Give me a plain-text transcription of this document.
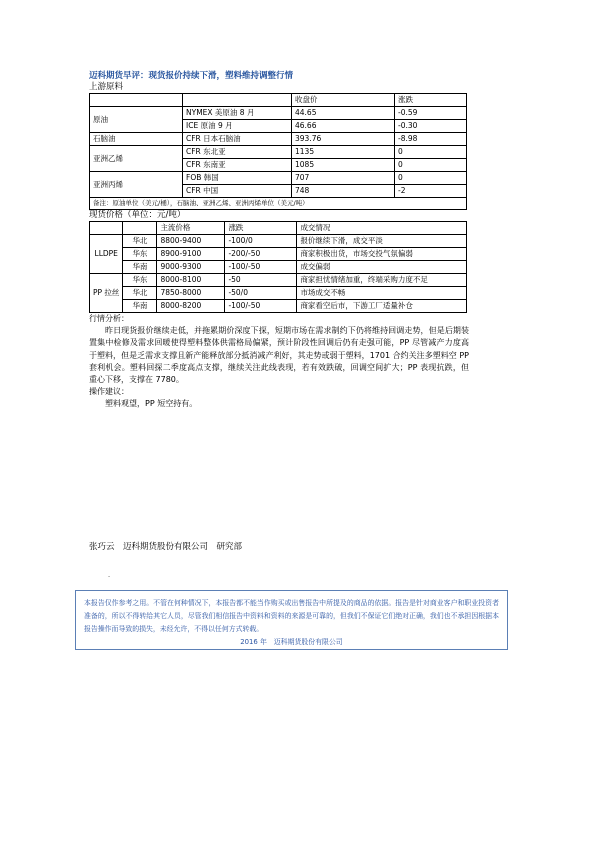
迈科期货早评：现货报价持续下滑，塑料维持调整行情
上游原料
		收盘价	涨跌
原油	NYMEX 美原油 8 月	44.65	-0.59
	ICE 原油 9 月	46.66	-0.30
石脑油	CFR 日本石脑油	393.76	-8.98
亚洲乙烯	CFR 东北亚	1135	0
	CFR 东南亚	1085	0
亚洲丙烯	FOB 韩国	707	0
	CFR 中国	748	-2
备注：原油单位（美元/桶），石脑油、亚洲乙烯、亚洲丙烯单位（美元/吨）			
现货价格（单位：元/吨）
		主流价格	涨跌	成交情况
LLDPE	华北	8800-9400	-100/0	报价继续下滑，成交平淡
	华东	8900-9100	-200/-50	商家积极出货，市场交投气氛偏弱
	华南	9000-9300	-100/-50	成交偏弱
PP 拉丝	华东	8000-8100	-50	商家担忧情绪加重，终端采购力度不足
	华北	7850-8000	-50/0	市场成交不畅
	华南	8000-8200	-100/-50	商家看空后市，下游工厂适量补仓

行情分析：

昨日现货报价继续走低，并拖累期价深度下探，短期市场在需求制约下仍将维持回调走势，但是后期装置集中检修及需求回暖使得塑料整体供需格局偏紧，预计阶段性回调后仍有走强可能，PP 尽管减产力度高于塑料，但是乏需求支撑且新产能释放部分抵消减产利好，其走势或弱于塑料，1701 合约关注多塑料空 PP 套利机会。塑料回探二季度高点支撑，继续关注此线表现，若有效跌破，回调空间扩大；PP 表现抗跌，但重心下移，支撑在 7780。

操作建议：

塑料观望，PP 短空持有。

张巧云　迈科期货股份有限公司　研究部
-
本报告仅作参考之用。不管在何种情况下，本报告都不能当作购买或出售报告中所提及的商品的依据。报告是针对商业客户和职业投资者准备的，所以不得转给其它人员，尽管我们相信报告中资料和资料的来源是可靠的，但我们不保证它们绝对正确，我们也不承担因根据本报告操作而导致的损失，未经允许，不得以任何方式转载。
2016 年　迈科期货股份有限公司
